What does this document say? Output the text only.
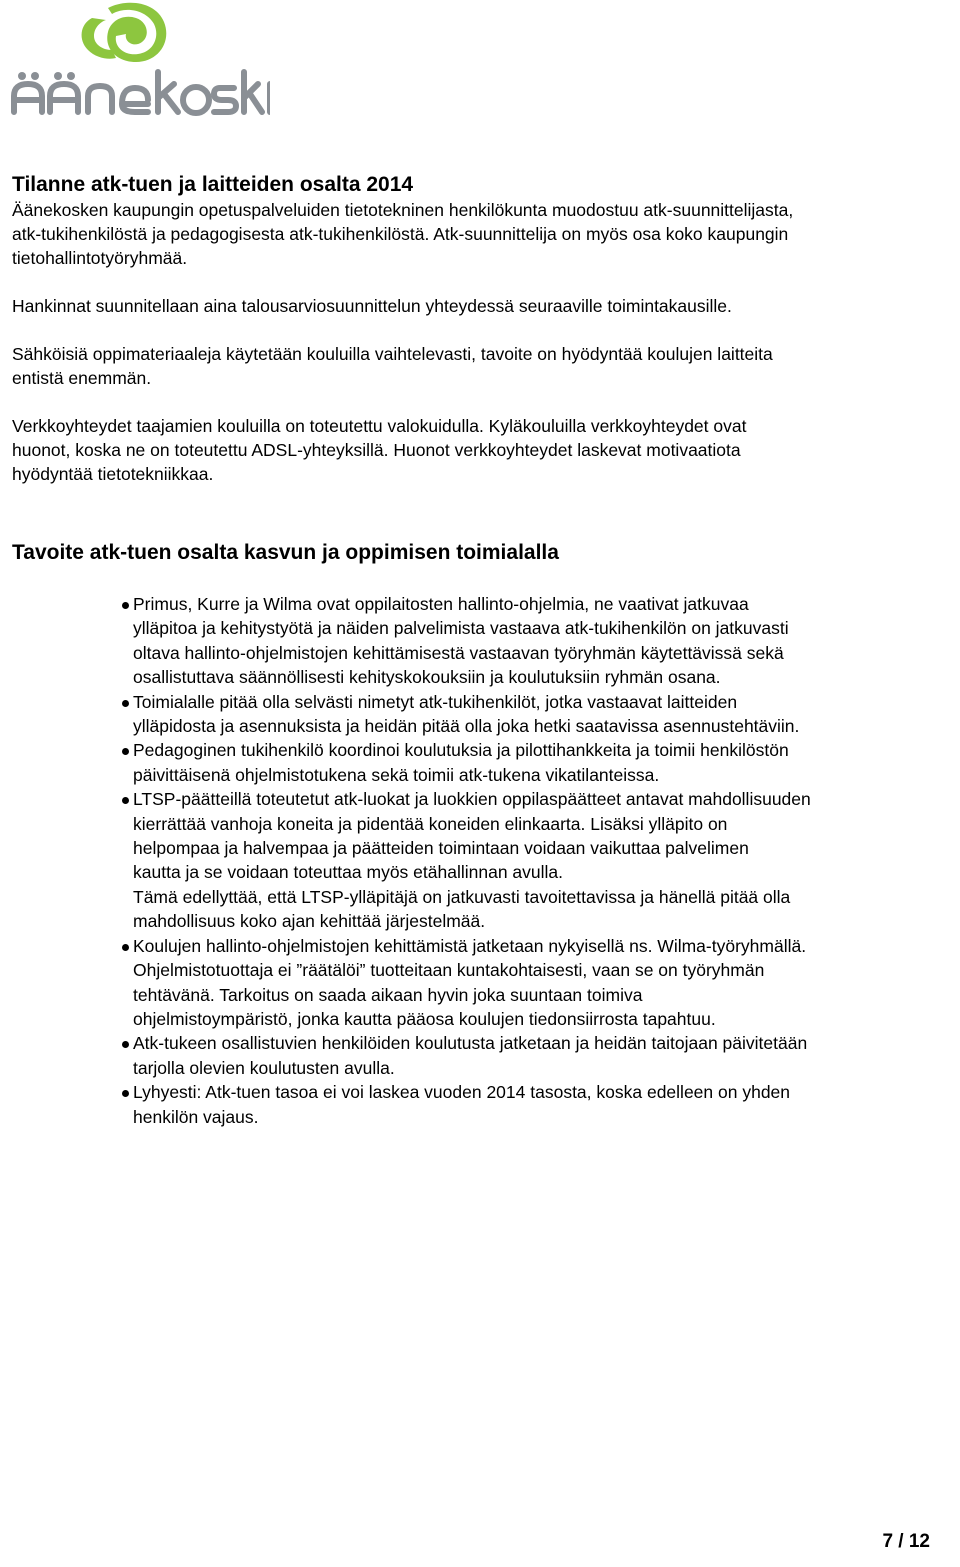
Tilanne atk-tuen ja laitteiden osalta 2014

Äänekosken kaupungin opetuspalveluiden tietotekninen henkilökunta muodostuu atk-suunnittelijasta,
atk-tukihenkilöstä ja pedagogisesta atk-tukihenkilöstä. Atk-suunnittelija on myös osa koko kaupungin
tietohallintotyöryhmää.

Hankinnat suunnitellaan aina talousarviosuunnittelun yhteydessä seuraaville toimintakausille.

Sähköisiä oppimateriaaleja käytetään kouluilla vaihtelevasti, tavoite on hyödyntää koulujen laitteita
entistä enemmän.

Verkkoyhteydet taajamien kouluilla on toteutettu valokuidulla. Kyläkouluilla verkkoyhteydet ovat
huonot, koska ne on toteutettu ADSL-yhteyksillä. Huonot verkkoyhteydet laskevat motivaatiota
hyödyntää tietotekniikkaa.

Tavoite atk-tuen osalta kasvun ja oppimisen toimialalla
Primus, Kurre ja Wilma ovat oppilaitosten hallinto-ohjelmia, ne vaativat jatkuvaa
ylläpitoa ja kehitystyötä ja näiden palvelimista vastaava atk-tukihenkilön on jatkuvasti
oltava hallinto-ohjelmistojen kehittämisestä vastaavan työryhmän käytettävissä sekä
osallistuttava säännöllisesti kehityskokouksiin ja koulutuksiin ryhmän osana.
Toimialalle pitää olla selvästi nimetyt atk-tukihenkilöt, jotka vastaavat laitteiden
ylläpidosta ja asennuksista ja heidän pitää olla joka hetki saatavissa asennustehtäviin.
Pedagoginen tukihenkilö koordinoi koulutuksia ja pilottihankkeita ja toimii henkilöstön
päivittäisenä ohjelmistotukena sekä toimii atk-tukena vikatilanteissa.
LTSP-päätteillä toteutetut atk-luokat ja luokkien oppilaspäätteet antavat mahdollisuuden
kierrättää vanhoja koneita ja pidentää koneiden elinkaarta. Lisäksi ylläpito on
helpompaa ja halvempaa ja päätteiden toimintaan voidaan vaikuttaa palvelimen
kautta ja se voidaan toteuttaa myös etähallinnan avulla.
Tämä edellyttää, että LTSP-ylläpitäjä on jatkuvasti tavoitettavissa ja hänellä pitää olla
mahdollisuus koko ajan kehittää järjestelmää.
Koulujen hallinto-ohjelmistojen kehittämistä jatketaan nykyisellä ns. Wilma-työryhmällä.
Ohjelmistotuottaja ei ”räätälöi” tuotteitaan kuntakohtaisesti, vaan se on työryhmän
tehtävänä. Tarkoitus on saada aikaan hyvin joka suuntaan toimiva
ohjelmistoympäristö, jonka kautta pääosa koulujen tiedonsiirrosta tapahtuu.
Atk-tukeen osallistuvien henkilöiden koulutusta jatketaan ja heidän taitojaan päivitetään
tarjolla olevien koulutusten avulla.
Lyhyesti: Atk-tuen tasoa ei voi laskea vuoden 2014 tasosta, koska edelleen on yhden
henkilön vajaus.
7 / 12
